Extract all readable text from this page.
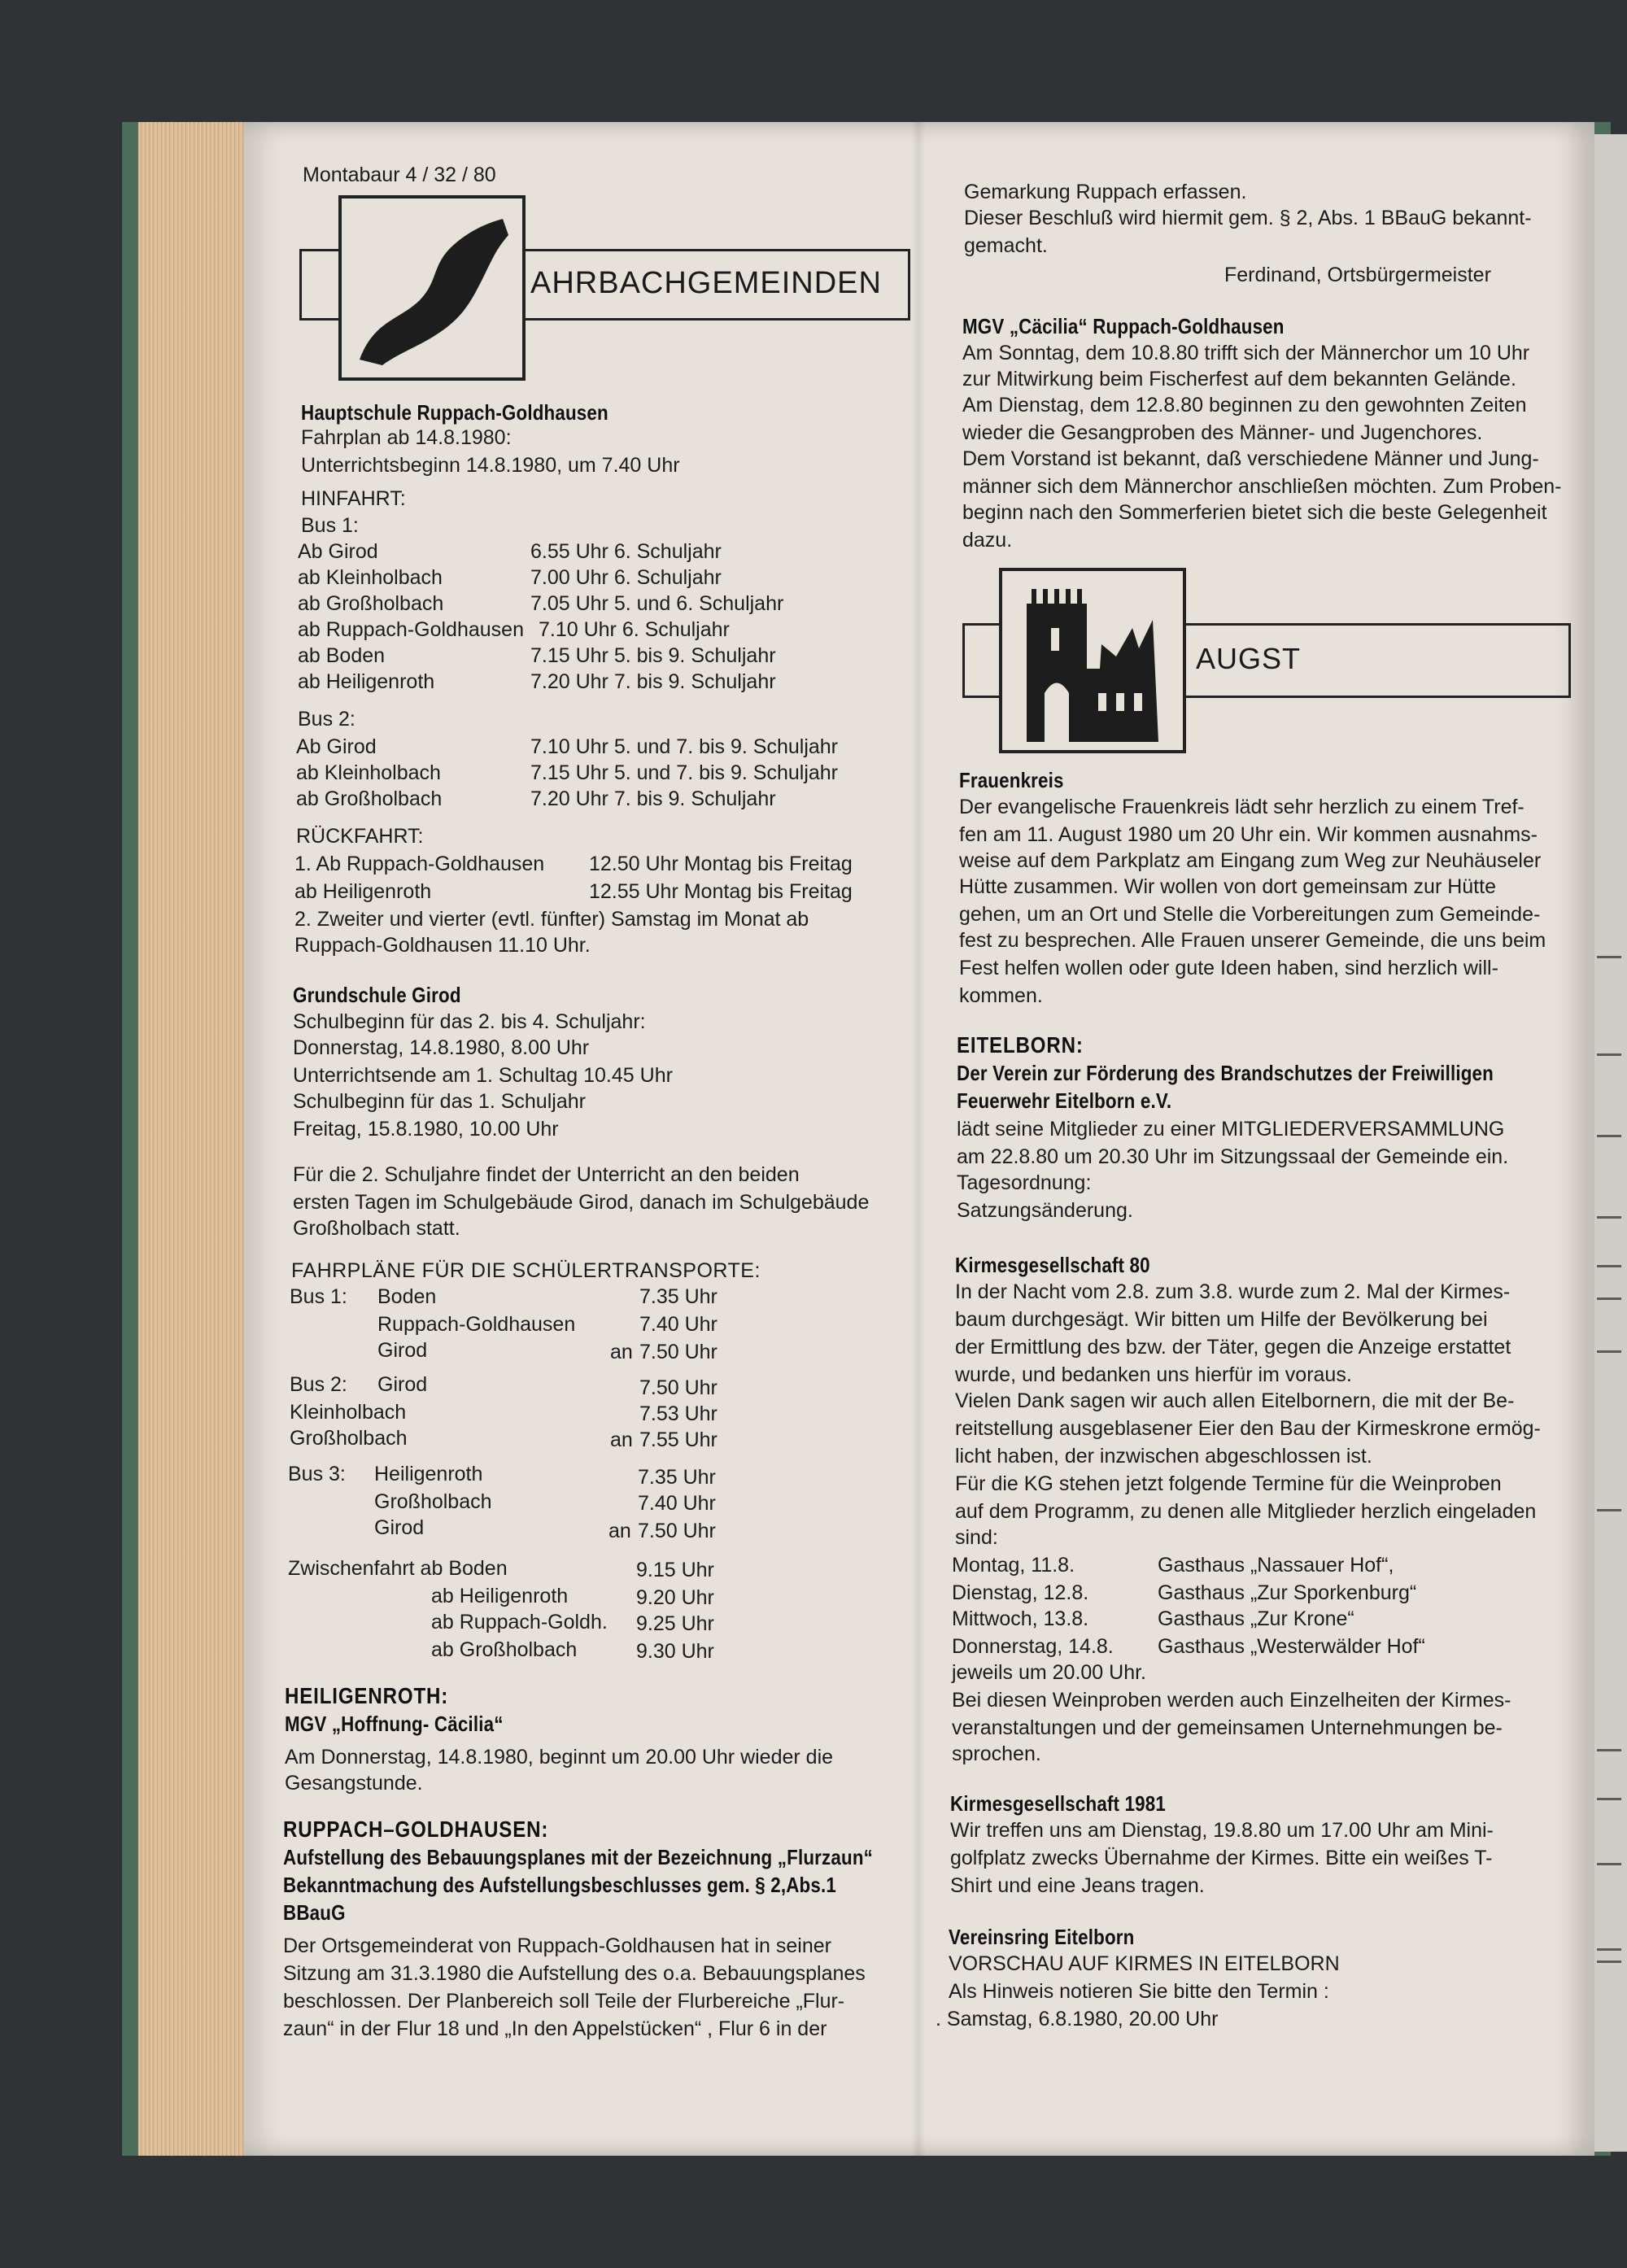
Montabaur 4 / 32 / 80
AHRBACHGEMEINDEN
AUGST
Hauptschule Ruppach-Goldhausen
Fahrplan ab 14.8.1980:
Unterrichtsbeginn 14.8.1980, um 7.40 Uhr
HINFAHRT:
Bus 1:
Ab Girod	6.55 Uhr 6. Schuljahr
ab Kleinholbach	7.00 Uhr 6. Schuljahr
ab Großholbach	7.05 Uhr 5. und 6. Schuljahr
ab Ruppach-Goldhausen 7.10 Uhr 6. Schuljahr
ab Boden	7.15 Uhr 5. bis 9. Schuljahr
ab Heiligenroth	7.20 Uhr 7. bis 9. Schuljahr
Bus 2:
Ab Girod	7.10 Uhr 5. und 7. bis 9. Schuljahr
ab Kleinholbach	7.15 Uhr 5. und 7. bis 9. Schuljahr
ab Großholbach	7.20 Uhr 7. bis 9. Schuljahr
RÜCKFAHRT:
1. Ab Ruppach-Goldhausen 12.50 Uhr Montag bis Freitag
ab Heiligenroth	12.55 Uhr Montag bis Freitag
2. Zweiter und vierter (evtl. fünfter) Samstag im Monat ab
Ruppach-Goldhausen 11.10 Uhr.
Grundschule Girod
Schulbeginn für das 2. bis 4. Schuljahr:
Donnerstag, 14.8.1980, 8.00 Uhr
Unterrichtsende am 1. Schultag 10.45 Uhr
Schulbeginn für das 1. Schuljahr
Freitag, 15.8.1980, 10.00 Uhr
Für die 2. Schuljahre findet der Unterricht an den beiden
ersten Tagen im Schulgebäude Girod, danach im Schulgebäude
Großholbach statt.
FAHRPLÄNE FÜR DIE SCHÜLERTRANSPORTE:
Bus 1: Boden	7.35 Uhr
Ruppach-Goldhausen	7.40 Uhr
Girod	an 7.50 Uhr
Bus 2: Girod	7.50 Uhr
Kleinholbach	7.53 Uhr
Großholbach	an 7.55 Uhr
Bus 3: Heiligenroth	7.35 Uhr
Großholbach	7.40 Uhr
Girod	an 7.50 Uhr
Zwischenfahrt ab Boden	9.15 Uhr
ab Heiligenroth	9.20 Uhr
ab Ruppach-Goldh. 9.25 Uhr
ab Großholbach	9.30 Uhr
HEILIGENROTH:
MGV „Hoffnung- Cäcilia“
Am Donnerstag, 14.8.1980, beginnt um 20.00 Uhr wieder die
Gesangstunde.
RUPPACH–GOLDHAUSEN:
Aufstellung des Bebauungsplanes mit der Bezeichnung „Flurzaun“
Bekanntmachung des Aufstellungsbeschlusses gem. § 2,Abs.1
BBauG
Der Ortsgemeinderat von Ruppach-Goldhausen hat in seiner
Sitzung am 31.3.1980 die Aufstellung des o.a. Bebauungsplanes
beschlossen. Der Planbereich soll Teile der Flurbereiche „Flur-
zaun“ in der Flur 18 und „In den Appelstücken“ , Flur 6 in der
Gemarkung Ruppach erfassen.
Dieser Beschluß wird hiermit gem. § 2, Abs. 1 BBauG bekannt-
gemacht.
Ferdinand, Ortsbürgermeister
MGV „Cäcilia“ Ruppach-Goldhausen
Am Sonntag, dem 10.8.80 trifft sich der Männerchor um 10 Uhr
zur Mitwirkung beim Fischerfest auf dem bekannten Gelände.
Am Dienstag, dem 12.8.80 beginnen zu den gewohnten Zeiten
wieder die Gesangproben des Männer- und Jugenchores.
Dem Vorstand ist bekannt, daß verschiedene Männer und Jung-
männer sich dem Männerchor anschließen möchten. Zum Proben-
beginn nach den Sommerferien bietet sich die beste Gelegenheit
dazu.
Frauenkreis
Der evangelische Frauenkreis lädt sehr herzlich zu einem Tref-
fen am 11. August 1980 um 20 Uhr ein. Wir kommen ausnahms-
weise auf dem Parkplatz am Eingang zum Weg zur Neuhäuseler
Hütte zusammen. Wir wollen von dort gemeinsam zur Hütte
gehen, um an Ort und Stelle die Vorbereitungen zum Gemeinde-
fest zu besprechen. Alle Frauen unserer Gemeinde, die uns beim
Fest helfen wollen oder gute Ideen haben, sind herzlich will-
kommen.
EITELBORN:
Der Verein zur Förderung des Brandschutzes der Freiwilligen
Feuerwehr Eitelborn e.V.
lädt seine Mitglieder zu einer MITGLIEDERVERSAMMLUNG
am 22.8.80 um 20.30 Uhr im Sitzungssaal der Gemeinde ein.
Tagesordnung:
Satzungsänderung.
Kirmesgesellschaft 80
In der Nacht vom 2.8. zum 3.8. wurde zum 2. Mal der Kirmes-
baum durchgesägt. Wir bitten um Hilfe der Bevölkerung bei
der Ermittlung des bzw. der Täter, gegen die Anzeige erstattet
wurde, und bedanken uns hierfür im voraus.
Vielen Dank sagen wir auch allen Eitelbornern, die mit der Be-
reitstellung ausgeblasener Eier den Bau der Kirmeskrone ermög-
licht haben, der inzwischen abgeschlossen ist.
Für die KG stehen jetzt folgende Termine für die Weinproben
auf dem Programm, zu denen alle Mitglieder herzlich eingeladen
sind:
Montag, 11.8.	Gasthaus „Nassauer Hof“,
Dienstag, 12.8.	Gasthaus „Zur Sporkenburg“
Mittwoch, 13.8.	Gasthaus „Zur Krone“
Donnerstag, 14.8. Gasthaus „Westerwälder Hof“
jeweils um 20.00 Uhr.
Bei diesen Weinproben werden auch Einzelheiten der Kirmes-
veranstaltungen und der gemeinsamen Unternehmungen be-
sprochen.
Kirmesgesellschaft 1981
Wir treffen uns am Dienstag, 19.8.80 um 17.00 Uhr am Mini-
golfplatz zwecks Übernahme der Kirmes. Bitte ein weißes T-
Shirt und eine Jeans tragen.
Vereinsring Eitelborn
VORSCHAU AUF KIRMES IN EITELBORN
Als Hinweis notieren Sie bitte den Termin :
. Samstag, 6.8.1980, 20.00 Uhr
